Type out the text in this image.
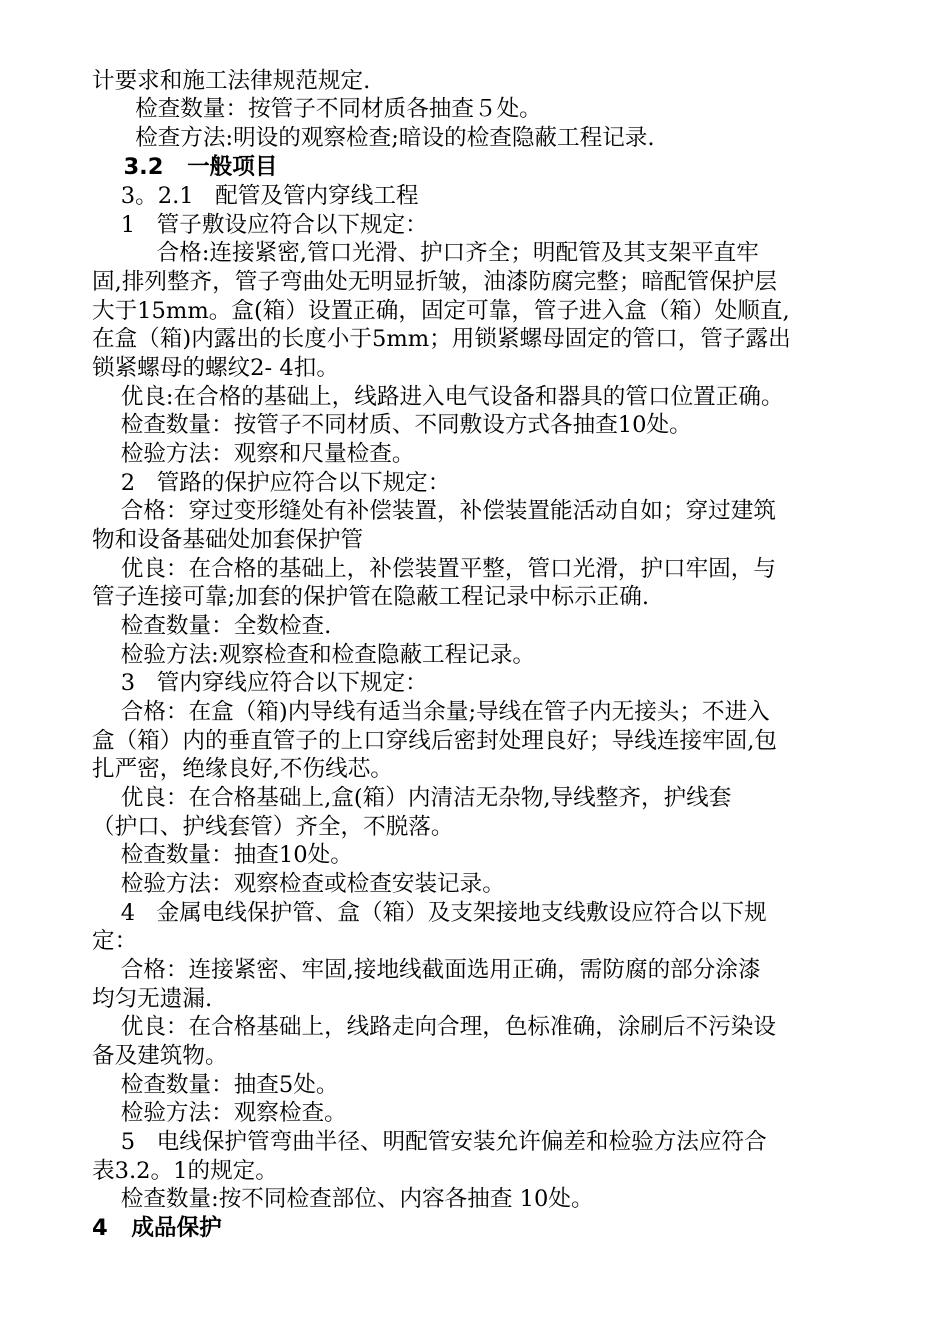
计要求和施工法律规范规定.
检查数量：按管子不同材质各抽查５处。
检查方法:明设的观察检查;暗设的检查隐蔽工程记录.
3.2   一般项目
3。2.1   配管及管内穿线工程
1   管子敷设应符合以下规定：
合格:连接紧密,管口光滑、护口齐全；明配管及其支架平直牢
固,排列整齐，管子弯曲处无明显折皱，油漆防腐完整；暗配管保护层
大于15mm。盒(箱）设置正确，固定可靠，管子进入盒（箱）处顺直,
在盒（箱)内露出的长度小于5mm；用锁紧螺母固定的管口，管子露出
锁紧螺母的螺纹2- 4扣。
优良:在合格的基础上，线路进入电气设备和器具的管口位置正确。
检查数量：按管子不同材质、不同敷设方式各抽查10处。
检验方法：观察和尺量检查。
2   管路的保护应符合以下规定：
合格：穿过变形缝处有补偿装置，补偿装置能活动自如；穿过建筑
物和设备基础处加套保护管
优良：在合格的基础上，补偿装置平整，管口光滑，护口牢固，与
管子连接可靠;加套的保护管在隐蔽工程记录中标示正确.
检查数量：全数检查.
检验方法:观察检查和检查隐蔽工程记录。
3   管内穿线应符合以下规定：
合格：在盒（箱)内导线有适当余量;导线在管子内无接头；不进入
盒（箱）内的垂直管子的上口穿线后密封处理良好；导线连接牢固,包
扎严密，绝缘良好,不伤线芯。
优良：在合格基础上,盒(箱）内清洁无杂物,导线整齐，护线套
（护口、护线套管）齐全，不脱落。
检查数量：抽查10处。
检验方法：观察检查或检查安装记录。
4   金属电线保护管、盒（箱）及支架接地支线敷设应符合以下规
定：
合格：连接紧密、牢固,接地线截面选用正确，需防腐的部分涂漆
均匀无遗漏.
优良：在合格基础上，线路走向合理，色标准确，涂刷后不污染设
备及建筑物。
检查数量：抽查5处。
检验方法：观察检查。
5   电线保护管弯曲半径、明配管安装允许偏差和检验方法应符合
表3.2。1的规定。
检查数量:按不同检查部位、内容各抽查 10处。
4   成品保护
